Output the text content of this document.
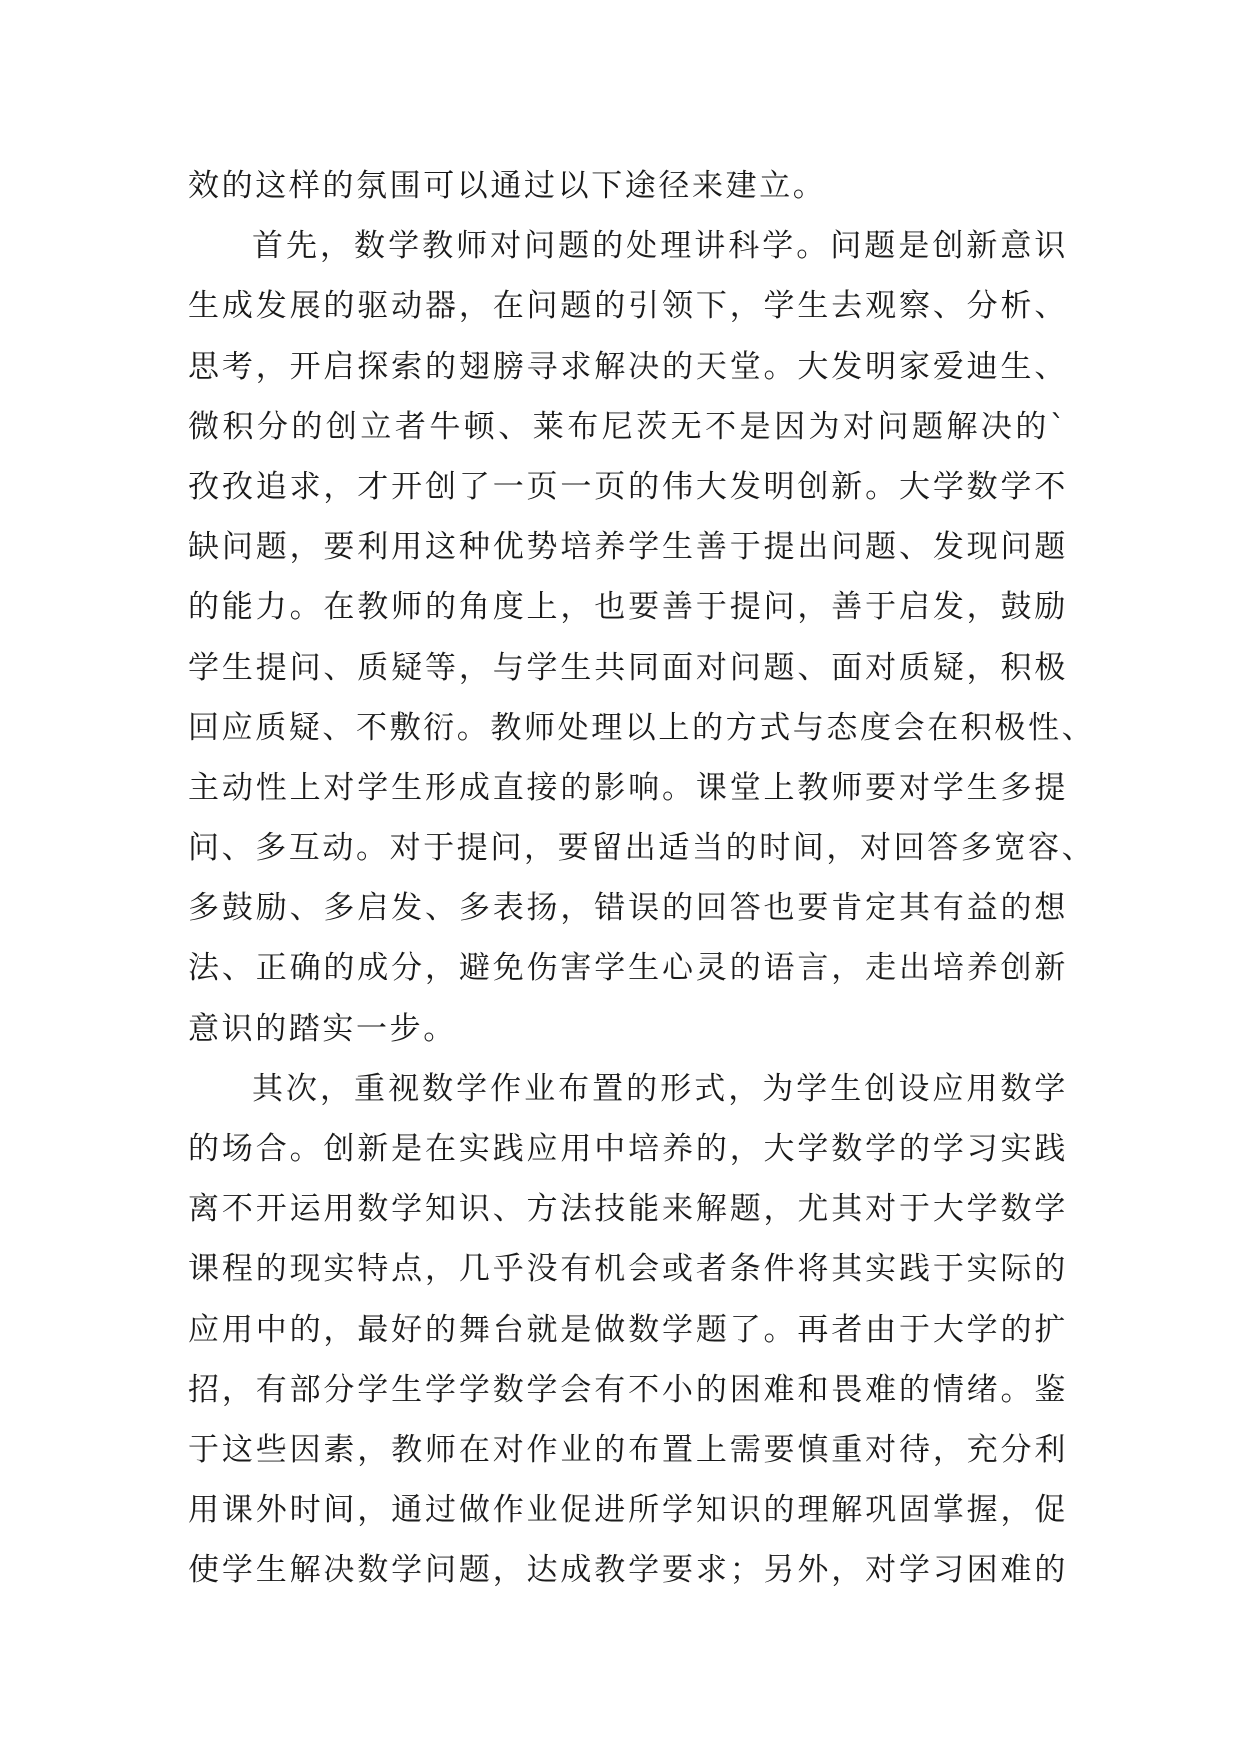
效的这样的氛围可以通过以下途径来建立。
首先，数学教师对问题的处理讲科学。问题是创新意识
生成发展的驱动器，在问题的引领下，学生去观察、分析、
思考，开启探索的翅膀寻求解决的天堂。大发明家爱迪生、
微积分的创立者牛顿、莱布尼茨无不是因为对问题解决的`
孜孜追求，才开创了一页一页的伟大发明创新。大学数学不
缺问题，要利用这种优势培养学生善于提出问题、发现问题
的能力。在教师的角度上，也要善于提问，善于启发，鼓励
学生提问、质疑等，与学生共同面对问题、面对质疑，积极
回应质疑、不敷衍。教师处理以上的方式与态度会在积极性、
主动性上对学生形成直接的影响。课堂上教师要对学生多提
问、多互动。对于提问，要留出适当的时间，对回答多宽容、
多鼓励、多启发、多表扬，错误的回答也要肯定其有益的想
法、正确的成分，避免伤害学生心灵的语言，走出培养创新
意识的踏实一步。
其次，重视数学作业布置的形式，为学生创设应用数学
的场合。创新是在实践应用中培养的，大学数学的学习实践
离不开运用数学知识、方法技能来解题，尤其对于大学数学
课程的现实特点，几乎没有机会或者条件将其实践于实际的
应用中的，最好的舞台就是做数学题了。再者由于大学的扩
招，有部分学生学学数学会有不小的困难和畏难的情绪。鉴
于这些因素，教师在对作业的布置上需要慎重对待，充分利
用课外时间，通过做作业促进所学知识的理解巩固掌握，促
使学生解决数学问题，达成教学要求；另外，对学习困难的
